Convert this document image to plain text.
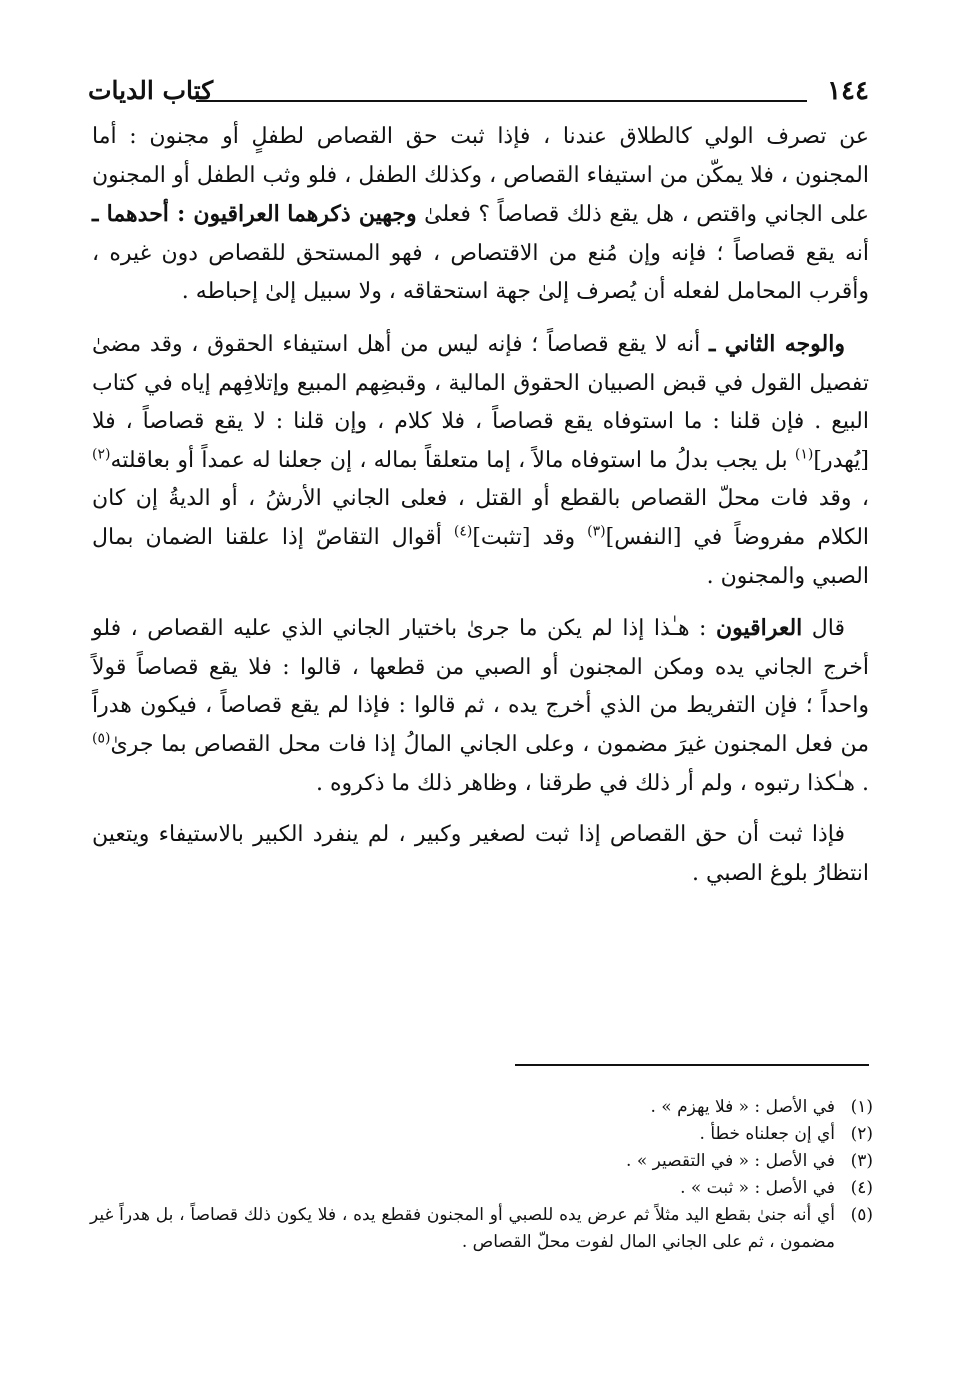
١٤٤
كتاب الديات

عن تصرف الولي كالطلاق عندنا ، فإذا ثبت حق القصاص لطفلٍ أو مجنون : أما المجنون ، فلا يمكّن من استيفاء القصاص ، وكذلك الطفل ، فلو وثب الطفل أو المجنون على الجاني واقتص ، هل يقع ذلك قصاصاً ؟ فعلىٰ وجهين ذكرهما العراقيون : أحدهما ـ أنه يقع قصاصاً ؛ فإنه وإن مُنع من الاقتصاص ، فهو المستحق للقصاص دون غيره ، وأقرب المحامل لفعله أن يُصرف إلىٰ جهة استحقاقه ، ولا سبيل إلىٰ إحباطه .

والوجه الثاني ـ أنه لا يقع قصاصاً ؛ فإنه ليس من أهل استيفاء الحقوق ، وقد مضىٰ تفصيل القول في قبض الصبيان الحقوق المالية ، وقبضِهم المبيع وإتلافِهم إياه في كتاب البيع . فإن قلنا : ما استوفاه يقع قصاصاً ، فلا كلام ، وإن قلنا : لا يقع قصاصاً ، فلا [يُهدر]$^{(١)}$ بل يجب بدلُ ما استوفاه مالاً ، إما متعلقاً بماله ، إن جعلنا له عمداً أو بعاقلته$^{(٢)}$ ، وقد فات محلّ القصاص بالقطع أو القتل ، فعلى الجاني الأرشُ ، أو الديةُ إن كان الكلام مفروضاً في [النفس]$^{(٣)}$ وقد [تثبت]$^{(٤)}$ أقوال التقاصّ إذا علقنا الضمان بمال الصبي والمجنون .

قال العراقيون : هـٰذا إذا لم يكن ما جرىٰ باختيار الجاني الذي عليه القصاص ، فلو أخرج الجاني يده ومكن المجنون أو الصبي من قطعها ، قالوا : فلا يقع قصاصاً قولاً واحداً ؛ فإن التفريط من الذي أخرج يده ، ثم قالوا : فإذا لم يقع قصاصاً ، فيكون هدراً من فعل المجنون غيرَ مضمون ، وعلى الجاني المالُ إذا فات محل القصاص بما جرىٰ$^{(٥)}$ . هـٰكذا رتبوه ، ولم أر ذلك في طرقنا ، وظاهر ذلك ما ذكروه .

فإذا ثبت أن حق القصاص إذا ثبت لصغير وكبير ، لم ينفرد الكبير بالاستيفاء ويتعين انتظارُ بلوغ الصبي .

(١)
في الأصل : « فلا يهزم » .
(٢)
أي إن جعلناه خطأ .
(٣)
في الأصل : « في التقصير » .
(٤)
في الأصل : « ثبت » .
(٥)
أي أنه جنىٰ بقطع اليد مثلاً ثم عرض يده للصبي أو المجنون فقطع يده ، فلا يكون ذلك قصاصاً ، بل هدراً غير مضمون ، ثم على الجاني المال لفوت محلّ القصاص .
